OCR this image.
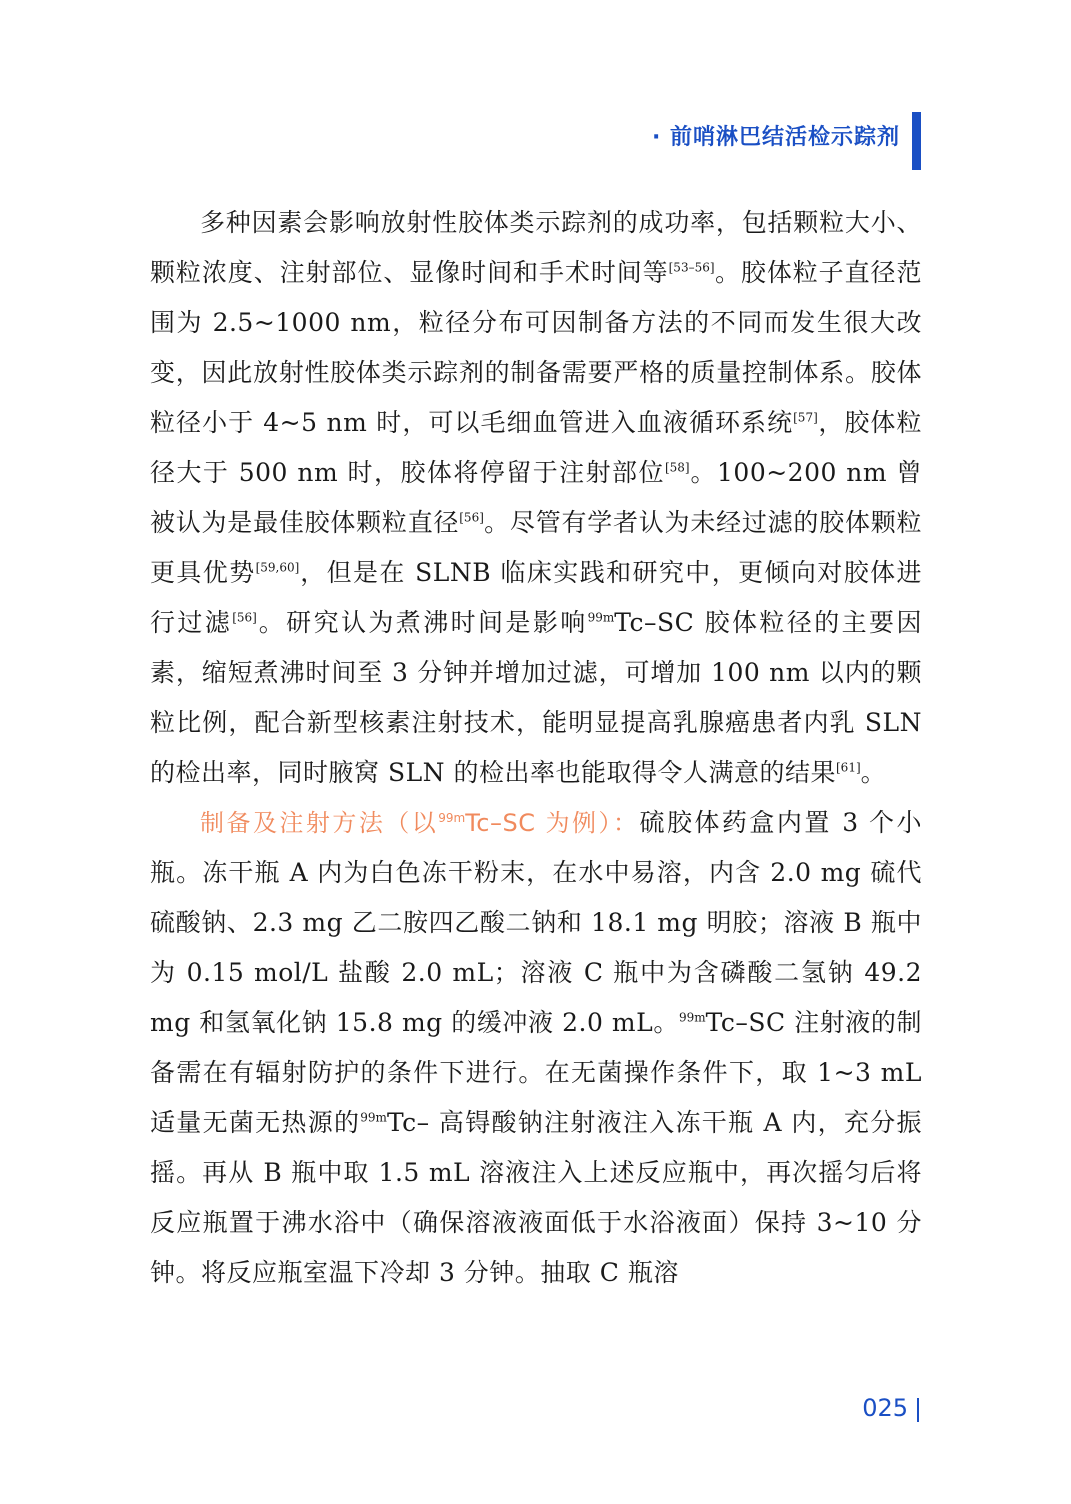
· 前哨淋巴结活检示踪剂

多种因素会影响放射性胶体类示踪剂的成功率，包括颗粒大小、颗粒浓度、注射部位、显像时间和手术时间等[53–56]。胶体粒子直径范围为 2.5~1000 nm，粒径分布可因制备方法的不同而发生很大改变，因此放射性胶体类示踪剂的制备需要严格的质量控制体系。胶体粒径小于 4~5 nm 时，可以毛细血管进入血液循环系统[57]，胶体粒径大于 500 nm 时，胶体将停留于注射部位[58]。100~200 nm 曾被认为是最佳胶体颗粒直径[56]。尽管有学者认为未经过滤的胶体颗粒更具优势[59,60]，但是在 SLNB 临床实践和研究中，更倾向对胶体进行过滤[56]。研究认为煮沸时间是影响$^{99m}$Tc–SC 胶体粒径的主要因素，缩短煮沸时间至 3 分钟并增加过滤，可增加 100 nm 以内的颗粒比例，配合新型核素注射技术，能明显提高乳腺癌患者内乳 SLN 的检出率，同时腋窝 SLN 的检出率也能取得令人满意的结果[61]。

制备及注射方法（以$^{99m}$Tc–SC 为例）：硫胶体药盒内置 3 个小瓶。冻干瓶 A 内为白色冻干粉末，在水中易溶，内含 2.0 mg 硫代硫酸钠、2.3 mg 乙二胺四乙酸二钠和 18.1 mg 明胶；溶液 B 瓶中为 0.15 mol/L 盐酸 2.0 mL；溶液 C 瓶中为含磷酸二氢钠 49.2 mg 和氢氧化钠 15.8 mg 的缓冲液 2.0 mL。$^{99m}$Tc–SC 注射液的制备需在有辐射防护的条件下进行。在无菌操作条件下，取 1~3 mL 适量无菌无热源的$^{99m}$Tc– 高锝酸钠注射液注入冻干瓶 A 内，充分振摇。再从 B 瓶中取 1.5 mL 溶液注入上述反应瓶中，再次摇匀后将反应瓶置于沸水浴中（确保溶液液面低于水浴液面）保持 3~10 分钟。将反应瓶室温下冷却 3 分钟。抽取 C 瓶溶

025
